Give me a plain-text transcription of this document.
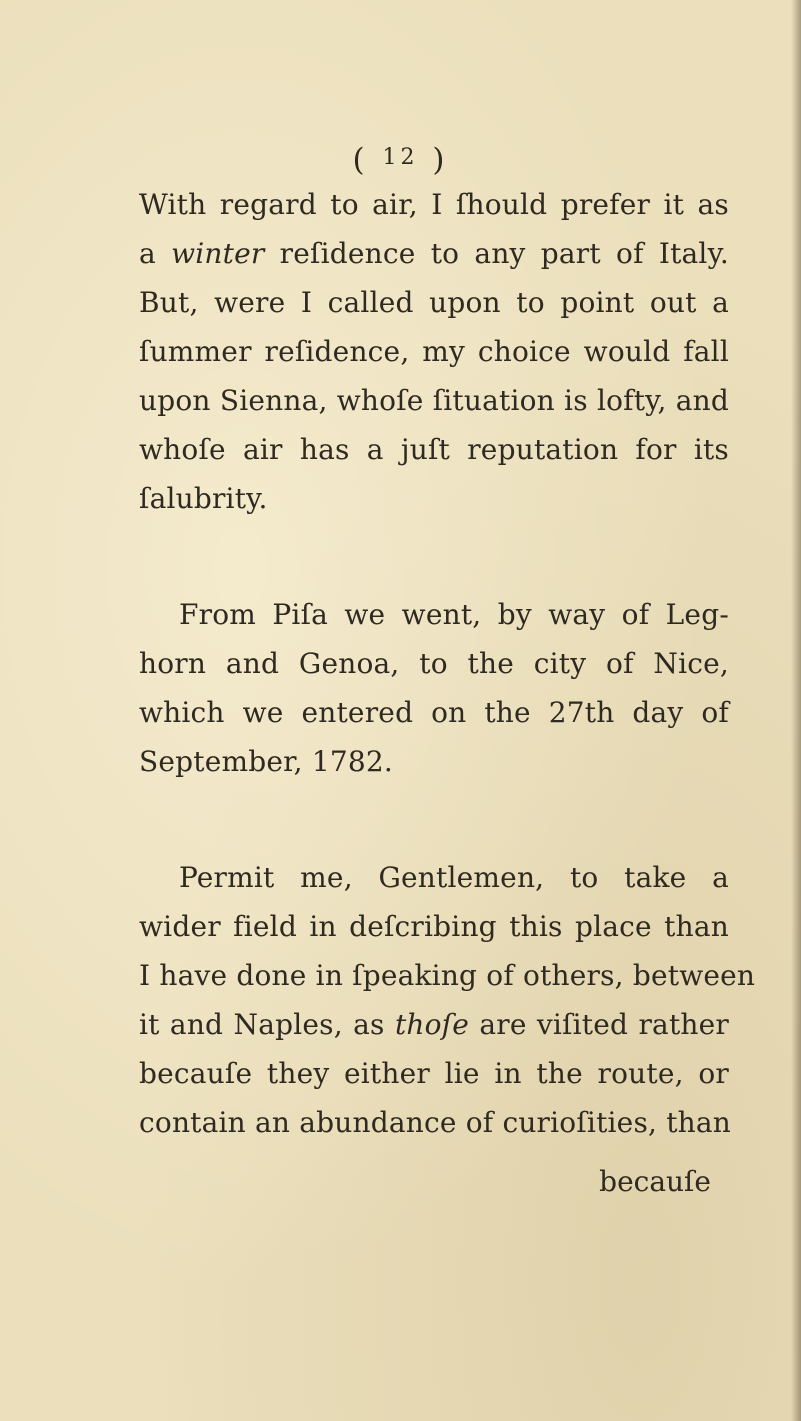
( 12 )
With regard to air, I ſhould prefer it as
a winter reſidence to any part of Italy.
But, were I called upon to point out a
ſummer reſidence, my choice would fall
upon Sienna, whoſe ſituation is lofty, and
whoſe air has a juſt reputation for its
ſalubrity.
From Piſa we went, by way of Leg-
horn and Genoa, to the city of Nice,
which we entered on the 27th day of
September, 1782.
Permit me, Gentlemen, to take a
wider field in deſcribing this place than
I have done in ſpeaking of others, between
it and Naples, as thoſe are viſited rather
becauſe they either lie in the route, or
contain an abundance of curioſities, than
becauſe
